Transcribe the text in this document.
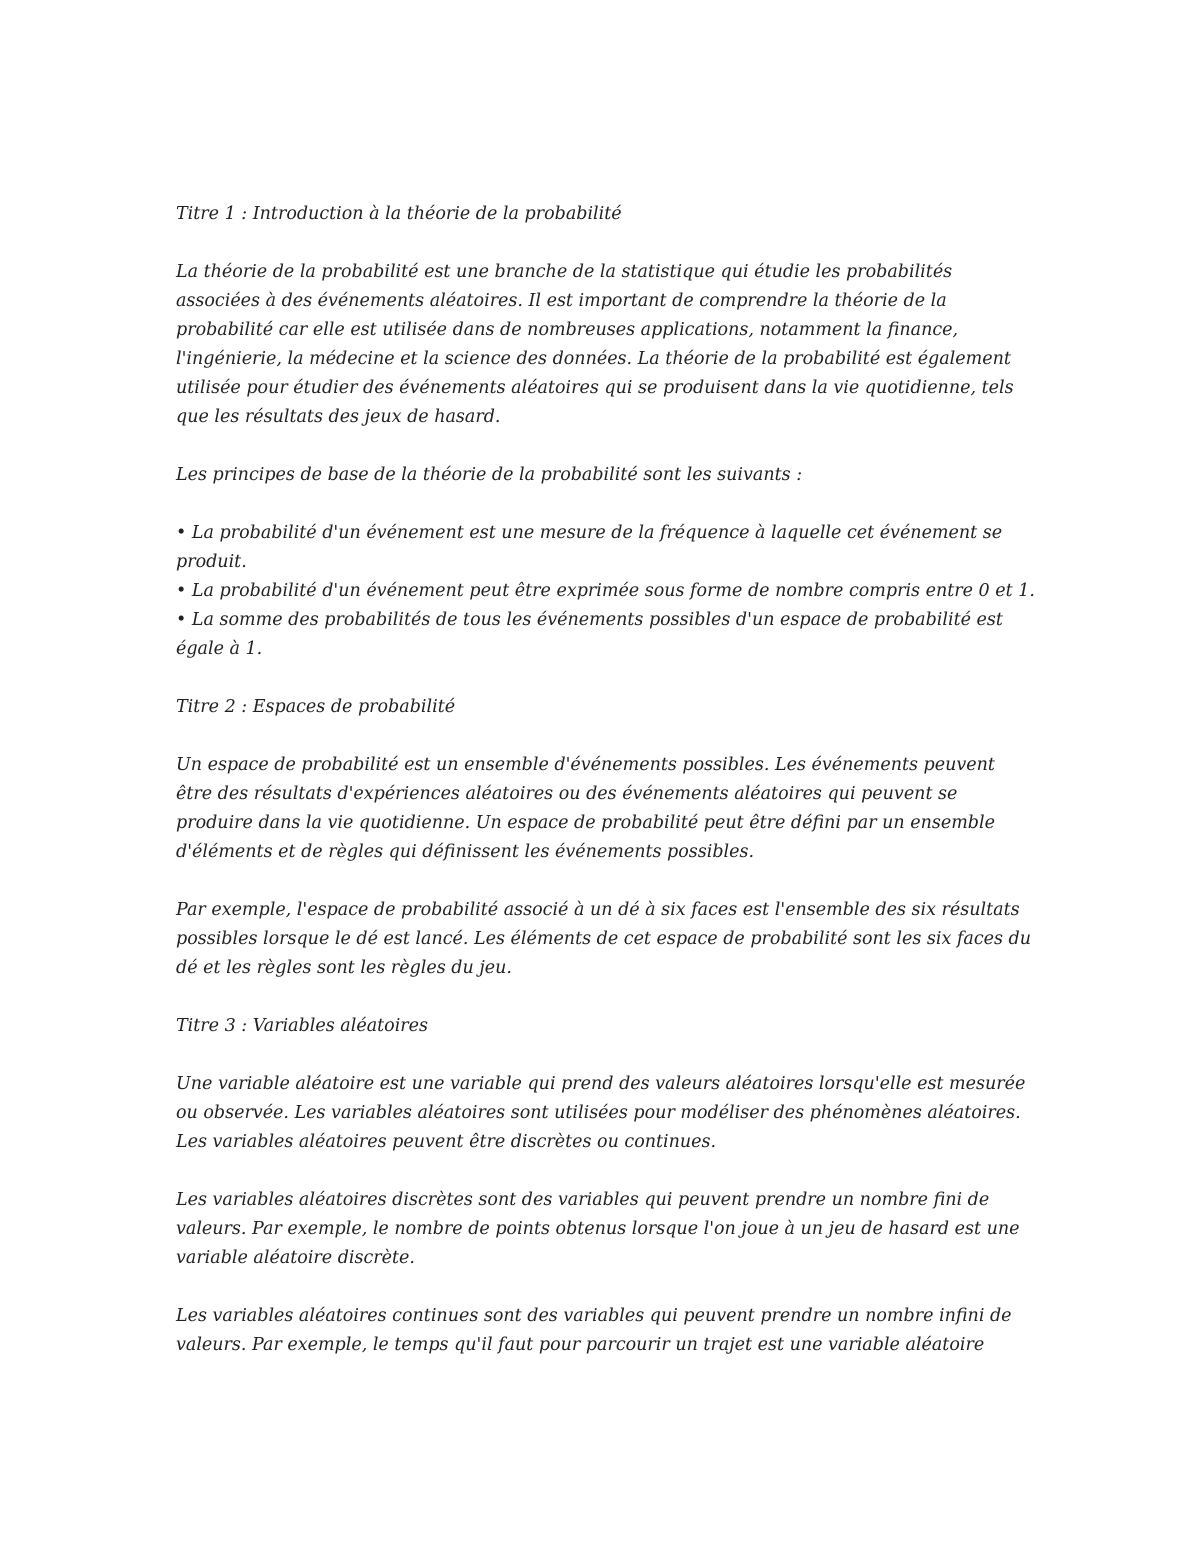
Titre 1 : Introduction à la théorie de la probabilité

La théorie de la probabilité est une branche de la statistique qui étudie les probabilités associées à des événements aléatoires. Il est important de comprendre la théorie de la probabilité car elle est utilisée dans de nombreuses applications, notamment la finance, l'ingénierie, la médecine et la science des données. La théorie de la probabilité est également utilisée pour étudier des événements aléatoires qui se produisent dans la vie quotidienne, tels que les résultats des jeux de hasard.

Les principes de base de la théorie de la probabilité sont les suivants :

• La probabilité d'un événement est une mesure de la fréquence à laquelle cet événement se produit.
• La probabilité d'un événement peut être exprimée sous forme de nombre compris entre 0 et 1.
• La somme des probabilités de tous les événements possibles d'un espace de probabilité est égale à 1.
Titre 2 : Espaces de probabilité

Un espace de probabilité est un ensemble d'événements possibles. Les événements peuvent être des résultats d'expériences aléatoires ou des événements aléatoires qui peuvent se produire dans la vie quotidienne. Un espace de probabilité peut être défini par un ensemble d'éléments et de règles qui définissent les événements possibles.

Par exemple, l'espace de probabilité associé à un dé à six faces est l'ensemble des six résultats possibles lorsque le dé est lancé. Les éléments de cet espace de probabilité sont les six faces du dé et les règles sont les règles du jeu.

Titre 3 : Variables aléatoires

Une variable aléatoire est une variable qui prend des valeurs aléatoires lorsqu'elle est mesurée ou observée. Les variables aléatoires sont utilisées pour modéliser des phénomènes aléatoires. Les variables aléatoires peuvent être discrètes ou continues.

Les variables aléatoires discrètes sont des variables qui peuvent prendre un nombre fini de valeurs. Par exemple, le nombre de points obtenus lorsque l'on joue à un jeu de hasard est une variable aléatoire discrète.

Les variables aléatoires continues sont des variables qui peuvent prendre un nombre infini de valeurs. Par exemple, le temps qu'il faut pour parcourir un trajet est une variable aléatoire
